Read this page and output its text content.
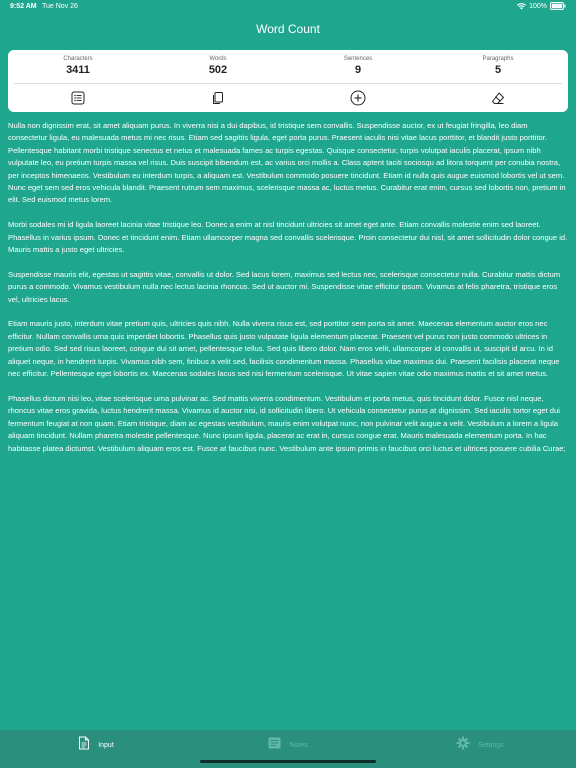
9:52 AM Tue Nov 26	100%
Word Count
Characters
3411
Words
502
Sentences
9
Paragraphs
5

Nulla non dignissim erat, sit amet aliquam purus. In viverra nisi a dui dapibus, id tristique sem convallis. Suspendisse auctor, ex ut feugiat fringilla, leo diam consectetur ligula, eu malesuada metus mi nec risus. Etiam sed sagittis ligula, eget porta purus. Praesent iaculis nisi vitae lacus porttitor, et blandit justo porttitor. Pellentesque habitant morbi tristique senectus et netus et malesuada fames ac turpis egestas. Quisque consectetur, turpis volutpat iaculis placerat, ipsum nibh vulputate leo, eu pretium turpis massa vel risus. Duis suscipit bibendum est, ac varius orci mollis a. Class aptent taciti sociosqu ad litora torquent per conubia nostra, per inceptos himenaeos. Vestibulum eu interdum turpis, a aliquam est. Vestibulum commodo posuere tincidunt. Etiam id nulla quis augue euismod lobortis vel ut sem. Nunc eget sem sed eros vehicula blandit. Praesent rutrum sem maximus, scelerisque massa ac, luctus metus. Curabitur erat enim, cursus sed lobortis non, pretium in elit. Sed euismod metus lorem.

Morbi sodales mi id ligula laoreet lacinia vitae tristique leo. Donec a enim at nisl tincidunt ultricies sit amet eget ante. Etiam convallis molestie enim sed laoreet. Phasellus in varius ipsum. Donec et tincidunt enim. Etiam ullamcorper magna sed convallis scelerisque. Proin consectetur dui nisl, sit amet sollicitudin dolor congue id. Mauris mattis a justo eget ultricies.

Suspendisse mauris elit, egestas ut sagittis vitae, convallis ut dolor. Sed lacus lorem, maximus sed lectus nec, scelerisque consectetur nulla. Curabitur mattis dictum purus a commodo. Vivamus vestibulum nulla nec lectus lacinia rhoncus. Sed ut auctor mi. Suspendisse vitae efficitur ipsum. Vivamus at felis pharetra, tristique eros vel, ultricies lacus.

Etiam mauris justo, interdum vitae pretium quis, ultricies quis nibh. Nulla viverra risus est, sed porttitor sem porta sit amet. Maecenas elementum auctor eros nec efficitur. Nullam convallis urna quis imperdiet lobortis. Phasellus quis justo vulputate ligula elementum placerat. Praesent vel purus non justo commodo ultrices in pretium odio. Sed sed risus laoreet, congue dui sit amet, pellentesque tellus. Sed quis libero dolor. Nam eros velit, ullamcorper id convallis ut, suscipit id arcu. In id aliquet neque, in hendrerit turpis. Vivamus nibh sem, finibus a velit sed, facilisis condimentum massa. Phasellus vitae maximus dui. Praesent facilisis placerat neque nec efficitur. Pellentesque eget lobortis ex. Maecenas sodales lacus sed nisi fermentum scelerisque. Ut vitae sapien vitae odio maximus mattis et sit amet metus.

Phasellus dictum nisi leo, vitae scelerisque urna pulvinar ac. Sed mattis viverra condimentum. Vestibulum et porta metus, quis tincidunt dolor. Fusce nisl neque, rhoncus vitae eros gravida, luctus hendrerit massa. Vivamus id auctor nisi, id sollicitudin libero. Ut vehicula consectetur purus at dignissim. Sed iaculis tortor eget dui fermentum feugiat at non quam. Etiam tristique, diam ac egestas vestibulum, mauris enim volutpat nunc, non pulvinar velit augue a velit. Vestibulum a lorem a ligula aliquam tincidunt. Nullam pharetra molestie pellentesque. Nunc ipsum ligula, placerat ac erat in, cursus congue erat. Mauris malesuada elementum porta. In hac habitasse platea dictumst. Vestibulum aliquam eros est. Fusce at faucibus nunc. Vestibulum ante ipsum primis in faucibus orci luctus et ultrices posuere cubilia Curae;

Input	Notes	Settings
